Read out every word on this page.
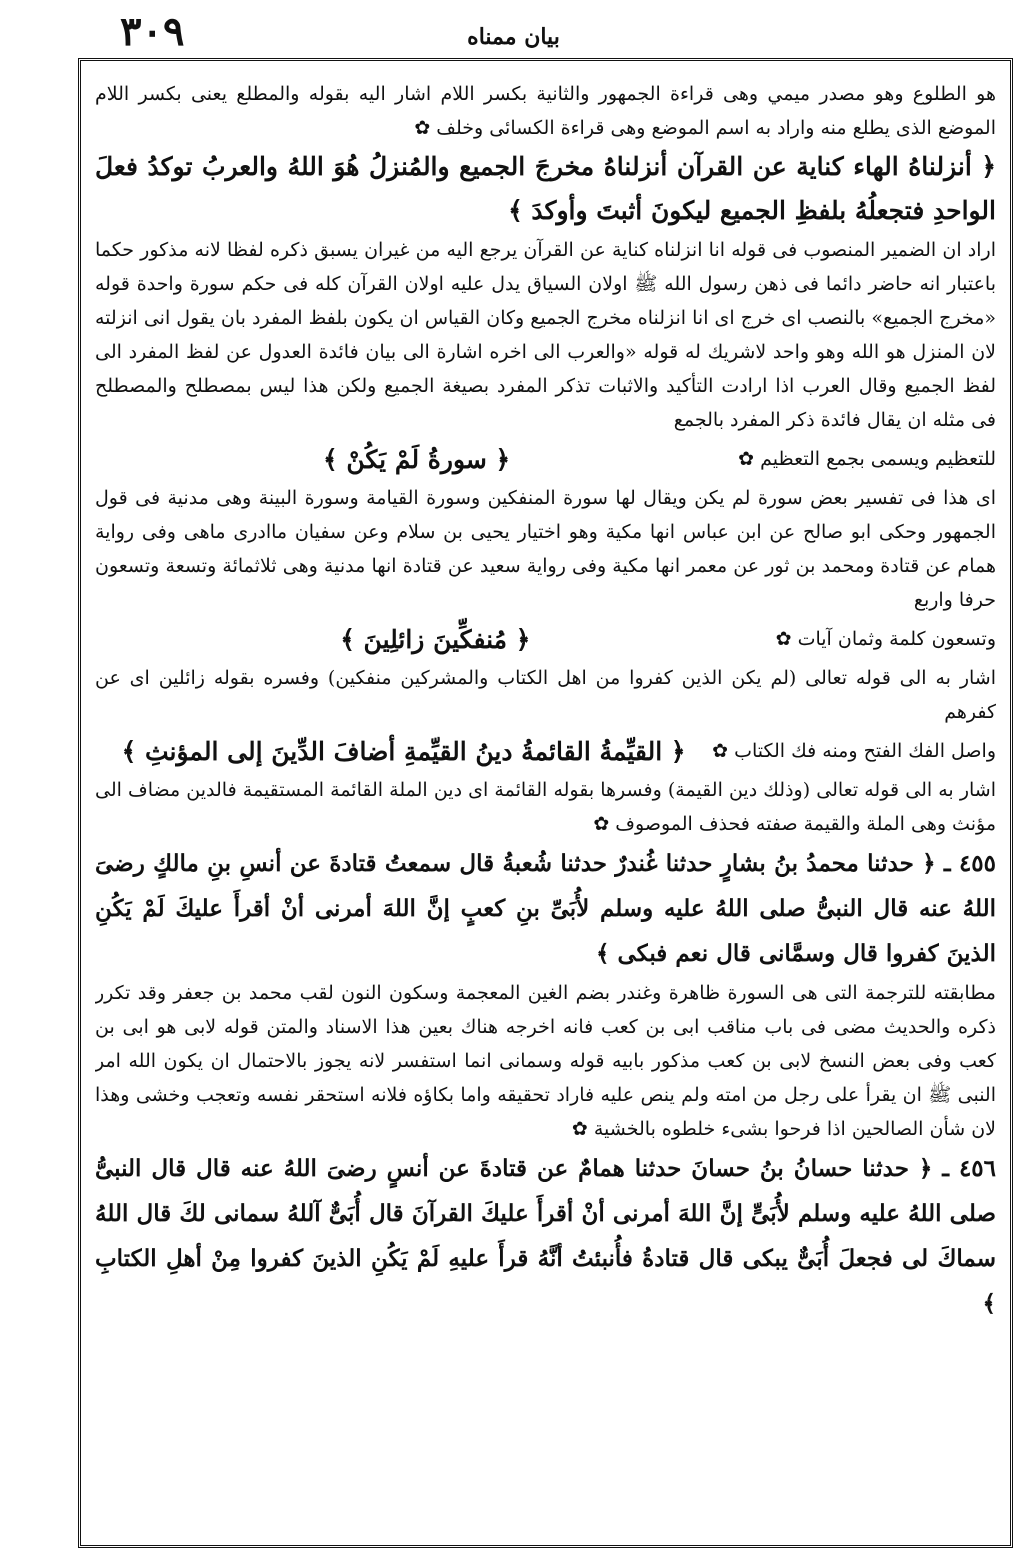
٣٠٩	بيان ممناه

هو الطلوع وهو مصدر ميمي وهى قراءة الجمهور والثانية بكسر اللام اشار اليه بقوله والمطلع يعنى بكسر اللام الموضع الذى يطلع منه واراد به اسم الموضع وهى قراءة الكسائى وخلف ✿

﴿ أنزلناهُ الهاء كناية عن القرآن أنزلناهُ مخرجَ الجميع والمُنزلُ هُوَ اللهُ والعربُ توكدُ فعلَ الواحدِ فتجعلُهُ بلفظِ الجميع ليكونَ أثبتَ وأوكدَ ﴾

اراد ان الضمير المنصوب فى قوله انا انزلناه كناية عن القرآن يرجع اليه من غيران يسبق ذكره لفظا لانه مذكور حكما باعتبار انه حاضر دائما فى ذهن رسول الله ﷺ اولان السياق يدل عليه اولان القرآن كله فى حكم سورة واحدة قوله «مخرج الجميع» بالنصب اى خرج اى انا انزلناه مخرج الجميع وكان القياس ان يكون بلفظ المفرد بان يقول انى انزلته لان المنزل هو الله وهو واحد لاشريك له قوله «والعرب الى اخره اشارة الى بيان فائدة العدول عن لفظ المفرد الى لفظ الجميع وقال العرب اذا ارادت التأكيد والاثبات تذكر المفرد بصيغة الجميع ولكن هذا ليس بمصطلح والمصطلح فى مثله ان يقال فائدة ذكر المفرد بالجمع

للتعظيم ويسمى بجمع التعظيم ✿
﴿ سورةُ لَمْ يَكُنْ ﴾

اى هذا فى تفسير بعض سورة لم يكن ويقال لها سورة المنفكين وسورة القيامة وسورة البينة وهى مدنية فى قول الجمهور وحكى ابو صالح عن ابن عباس انها مكية وهو اختيار يحيى بن سلام وعن سفيان ماادرى ماهى وفى رواية همام عن قتادة ومحمد بن ثور عن معمر انها مكية وفى رواية سعيد عن قتادة انها مدنية وهى ثلاثمائة وتسعة وتسعون حرفا واربع

وتسعون كلمة وثمان آيات ✿
﴿ مُنفكِّينَ زائلِينَ ﴾

اشار به الى قوله تعالى (لم يكن الذين كفروا من اهل الكتاب والمشركين منفكين) وفسره بقوله زائلين اى عن كفرهم

واصل الفك الفتح ومنه فك الكتاب ✿
﴿ القيِّمةُ القائمةُ دينُ القيِّمةِ أضافَ الدِّينَ إلى المؤنثِ ﴾

اشار به الى قوله تعالى (وذلك دين القيمة) وفسرها بقوله القائمة اى دين الملة القائمة المستقيمة فالدين مضاف الى مؤنث وهى الملة والقيمة صفته فحذف الموصوف ✿

٤٥٥ ـ ﴿ حدثنا محمدُ بنُ بشارٍ حدثنا غُندرٌ حدثنا شُعبةُ قال سمعتُ قتادةَ عن أنسِ بنِ مالكٍ رضىَ اللهُ عنه قال النبىُّ صلى اللهُ عليه وسلم لأُبَىِّ بنِ كعبٍ إنَّ اللهَ أمرنى أنْ أقرأَ عليكَ لَمْ يَكُنِ الذينَ كفروا قال وسمَّانى قال نعم فبكى ﴾

مطابقته للترجمة التى هى السورة ظاهرة وغندر بضم الغين المعجمة وسكون النون لقب محمد بن جعفر وقد تكرر ذكره والحديث مضى فى باب مناقب ابى بن كعب فانه اخرجه هناك بعين هذا الاسناد والمتن قوله لابى هو ابى بن كعب وفى بعض النسخ لابى بن كعب مذكور بابيه قوله وسمانى انما استفسر لانه يجوز بالاحتمال ان يكون الله امر النبى ﷺ ان يقرأ على رجل من امته ولم ينص عليه فاراد تحقيقه واما بكاؤه فلانه استحقر نفسه وتعجب وخشى وهذا لان شأن الصالحين اذا فرحوا بشىء خلطوه بالخشية ✿

٤٥٦ ـ ﴿ حدثنا حسانُ بنُ حسانَ حدثنا همامٌ عن قتادةَ عن أنسٍ رضىَ اللهُ عنه قال قال النبىُّ صلى اللهُ عليه وسلم لأُبَىٍّ إنَّ اللهَ أمرنى أنْ أقرأَ عليكَ القرآنَ قال أُبَىٌّ آللهُ سمانى لكَ قال اللهُ سماكَ لى فجعلَ أُبَىٌّ يبكى قال قتادةُ فأُنبئتُ أنَّهُ قرأَ عليهِ لَمْ يَكُنِ الذينَ كفروا مِنْ أهلِ الكتابِ ﴾
